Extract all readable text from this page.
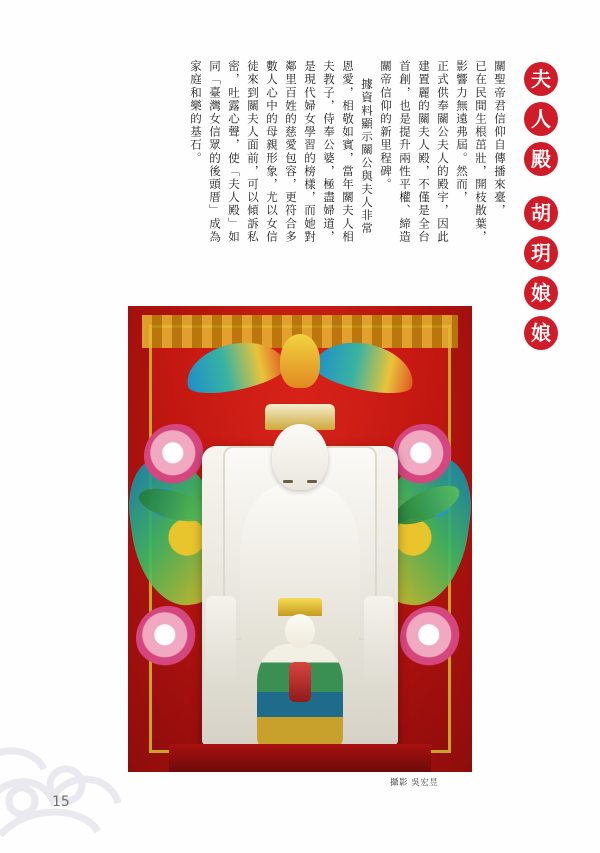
夫
人
殿
胡
玥
娘
娘
關聖帝君信仰自傳播來臺，
已在民間生根茁壯，開枝散葉，
影響力無遠弗屆。然而，
正式供奉關公夫人的殿宇，因此
建置麗的關夫人殿，不僅是全台
首創，也是提升兩性平權、締造
關帝信仰的新里程碑。
據資料顯示關公與夫人非常
恩愛，相敬如賓，當年關夫人相
夫教子，侍奉公婆，極盡婦道，
是現代婦女學習的榜樣，而她對
鄰里百姓的慈愛包容，更符合多
數人心中的母親形象，尤以女信
徒來到關夫人面前，可以傾訴私
密，吐露心聲，使「夫人殿」如
同「臺灣女信眾的後頭厝」成為
家庭和樂的基石。
攝影 吳宏昱
15
